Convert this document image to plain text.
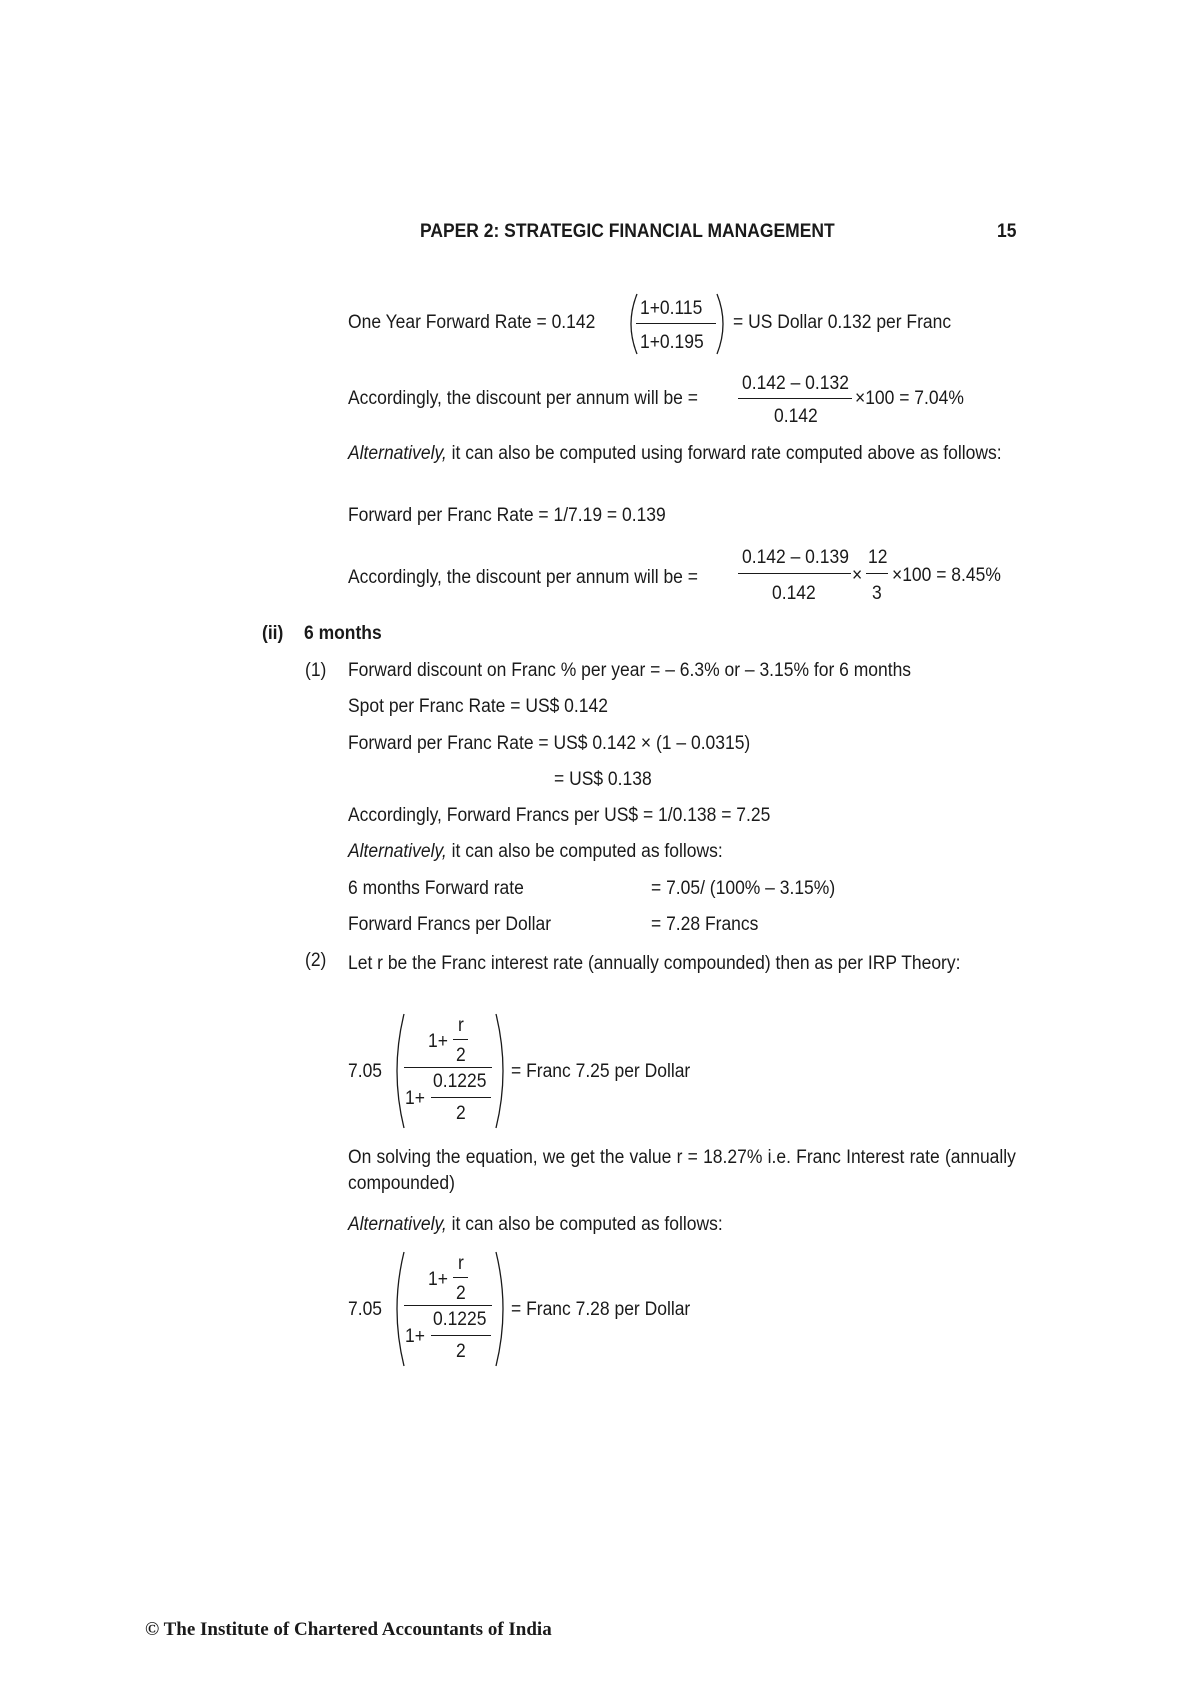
PAPER 2: STRATEGIC FINANCIAL MANAGEMENT	15
One Year Forward Rate = 0.142
1+0.115
1+0.195
= US Dollar 0.132 per Franc
Accordingly, the discount per annum will be =
0.142 – 0.132
0.142
×100 = 7.04%
Alternatively, it can also be computed using forward rate computed above as follows:
Forward per Franc Rate = 1/7.19 = 0.139
Accordingly, the discount per annum will be =
0.142 – 0.139
0.142
×
12
3
×100 = 8.45%
(ii) 6 months
(1) Forward discount on Franc % per year = – 6.3% or – 3.15% for 6 months
Spot per Franc Rate = US$ 0.142
Forward per Franc Rate = US$ 0.142 × (1 – 0.0315)
= US$ 0.138
Accordingly, Forward Francs per US$ = 1/0.138 = 7.25
Alternatively, it can also be computed as follows:
6 months Forward rate	= 7.05/ (100% – 3.15%)
Forward Francs per Dollar	= 7.28 Francs
(2) Let r be the Franc interest rate (annually compounded) then as per IRP Theory:
7.05
1+
r
2
1+
0.1225
2
= Franc 7.25 per Dollar
On solving the equation, we get the value r = 18.27% i.e. Franc Interest rate (annually compounded)
Alternatively, it can also be computed as follows:
7.05
1+
r
2
1+
0.1225
2
= Franc 7.28 per Dollar
© The Institute of Chartered Accountants of India
